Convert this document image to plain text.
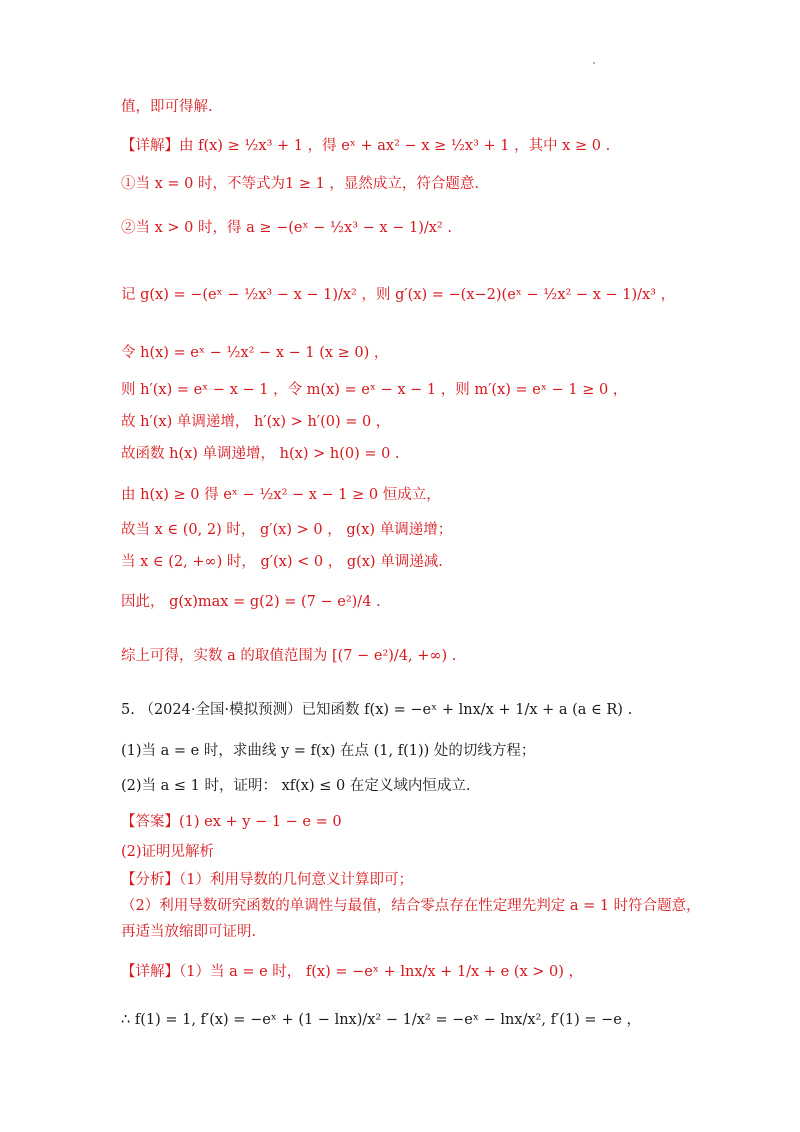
值，即可得解.
【详解】由 f(x) ≥ ½x³ + 1 ，得 eˣ + ax² − x ≥ ½x³ + 1 ，其中 x ≥ 0 .
①当 x = 0 时，不等式为1 ≥ 1 ，显然成立，符合题意.
②当 x > 0 时，得 a ≥ −(eˣ − ½x³ − x − 1)/x² .
记 g(x) = −(eˣ − ½x³ − x − 1)/x² ，则 g′(x) = −(x−2)(eˣ − ½x² − x − 1)/x³ ，
令 h(x) = eˣ − ½x² − x − 1 (x ≥ 0) ，
则 h′(x) = eˣ − x − 1 ，令 m(x) = eˣ − x − 1 ，则 m′(x) = eˣ − 1 ≥ 0 ，
故 h′(x) 单调递增， h′(x) > h′(0) = 0 ，
故函数 h(x) 单调递增， h(x) > h(0) = 0 .
由 h(x) ≥ 0 得 eˣ − ½x² − x − 1 ≥ 0 恒成立，
故当 x ∈ (0, 2) 时， g′(x) > 0 ， g(x) 单调递增；
当 x ∈ (2, +∞) 时， g′(x) < 0 ， g(x) 单调递减.
因此， g(x)max = g(2) = (7 − e²)/4 .
综上可得，实数 a 的取值范围为 [(7 − e²)/4, +∞) .
5. （2024·全国·模拟预测）已知函数 f(x) = −eˣ + lnx/x + 1/x + a (a ∈ R) .
(1)当 a = e 时，求曲线 y = f(x) 在点 (1, f(1)) 处的切线方程；
(2)当 a ≤ 1 时，证明： xf(x) ≤ 0 在定义域内恒成立.
【答案】(1) ex + y − 1 − e = 0
(2)证明见解析
【分析】（1）利用导数的几何意义计算即可；
（2）利用导数研究函数的单调性与最值，结合零点存在性定理先判定 a = 1 时符合题意，
再适当放缩即可证明.
【详解】（1）当 a = e 时， f(x) = −eˣ + lnx/x + 1/x + e (x > 0) ，
∴ f(1) = 1, f′(x) = −eˣ + (1 − lnx)/x² − 1/x² = −eˣ − lnx/x², f′(1) = −e ，
